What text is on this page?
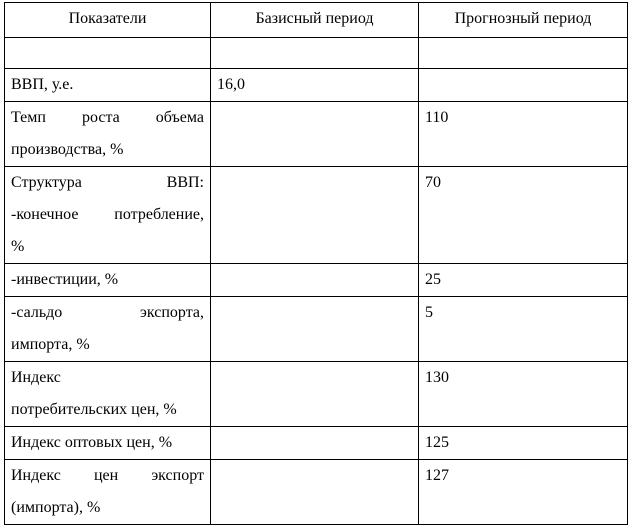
Показатели	Базисный период	Прогнозный период

ВВП, у.е.	16,0	

Темп роста объема
производства, %		110

Структура ВВП:
-конечное потребление,
%		70

-инвестиции, %		25

-сальдо экспорта,
импорта, %		5

Индекс
потребительских цен, %		130

Индекс оптовых цен, %		125

Индекс цен экспорт
(импорта), %		127
